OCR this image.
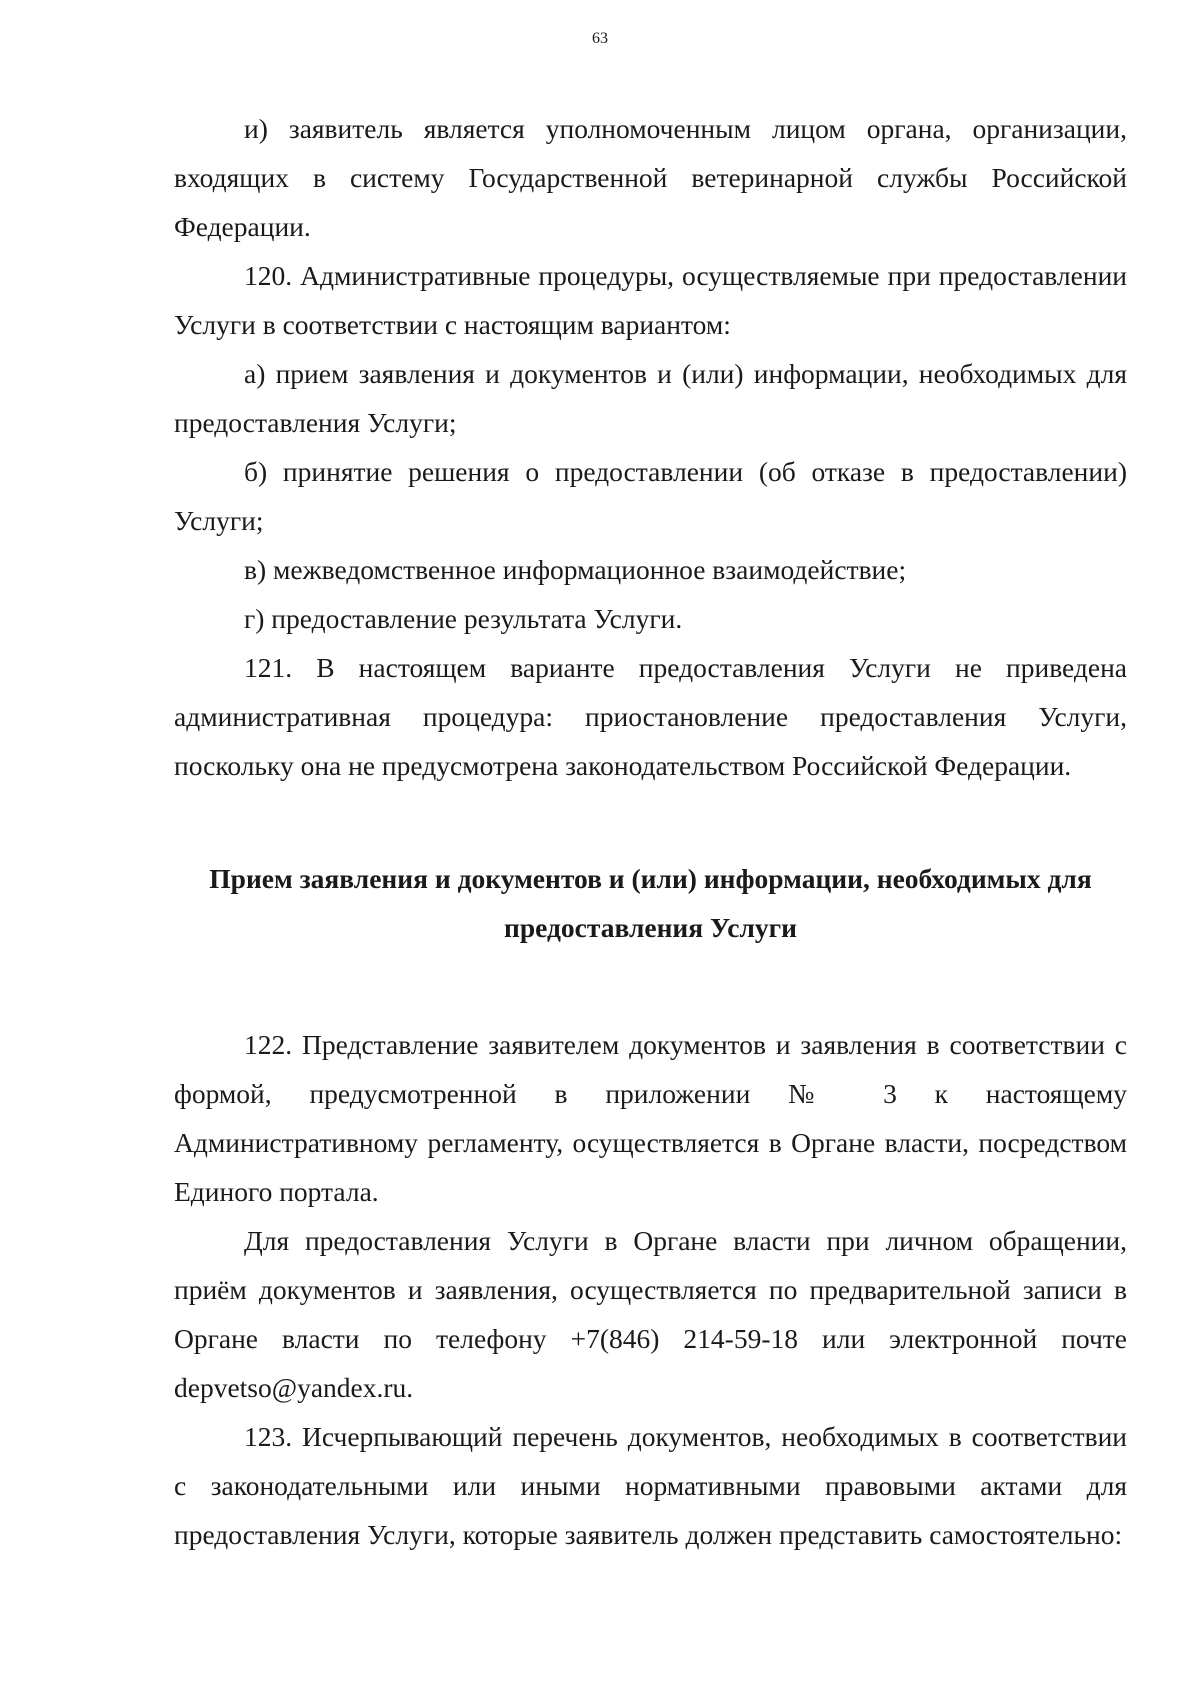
63

и) заявитель является уполномоченным лицом органа, организации, входящих в систему Государственной ветеринарной службы Российской Федерации.

120. Административные процедуры, осуществляемые при предоставлении Услуги в соответствии с настоящим вариантом:

а) прием заявления и документов и (или) информации, необходимых для предоставления Услуги;

б) принятие решения о предоставлении (об отказе в предоставлении) Услуги;

в) межведомственное информационное взаимодействие;

г) предоставление результата Услуги.

121. В настоящем варианте предоставления Услуги не приведена административная процедура: приостановление предоставления Услуги, поскольку она не предусмотрена законодательством Российской Федерации.

Прием заявления и документов и (или) информации, необходимых для
предоставления Услуги

122. Представление заявителем документов и заявления в соответствии с формой, предусмотренной в приложении № 3 к настоящему Административному регламенту, осуществляется в Органе власти, посредством Единого портала.

Для предоставления Услуги в Органе власти при личном обращении, приём документов и заявления, осуществляется по предварительной записи в Органе власти по телефону +7(846) 214-59-18 или электронной почте depvetso@yandex.ru.

123. Исчерпывающий перечень документов, необходимых в соответствии с законодательными или иными нормативными правовыми актами для предоставления Услуги, которые заявитель должен представить самостоятельно:
